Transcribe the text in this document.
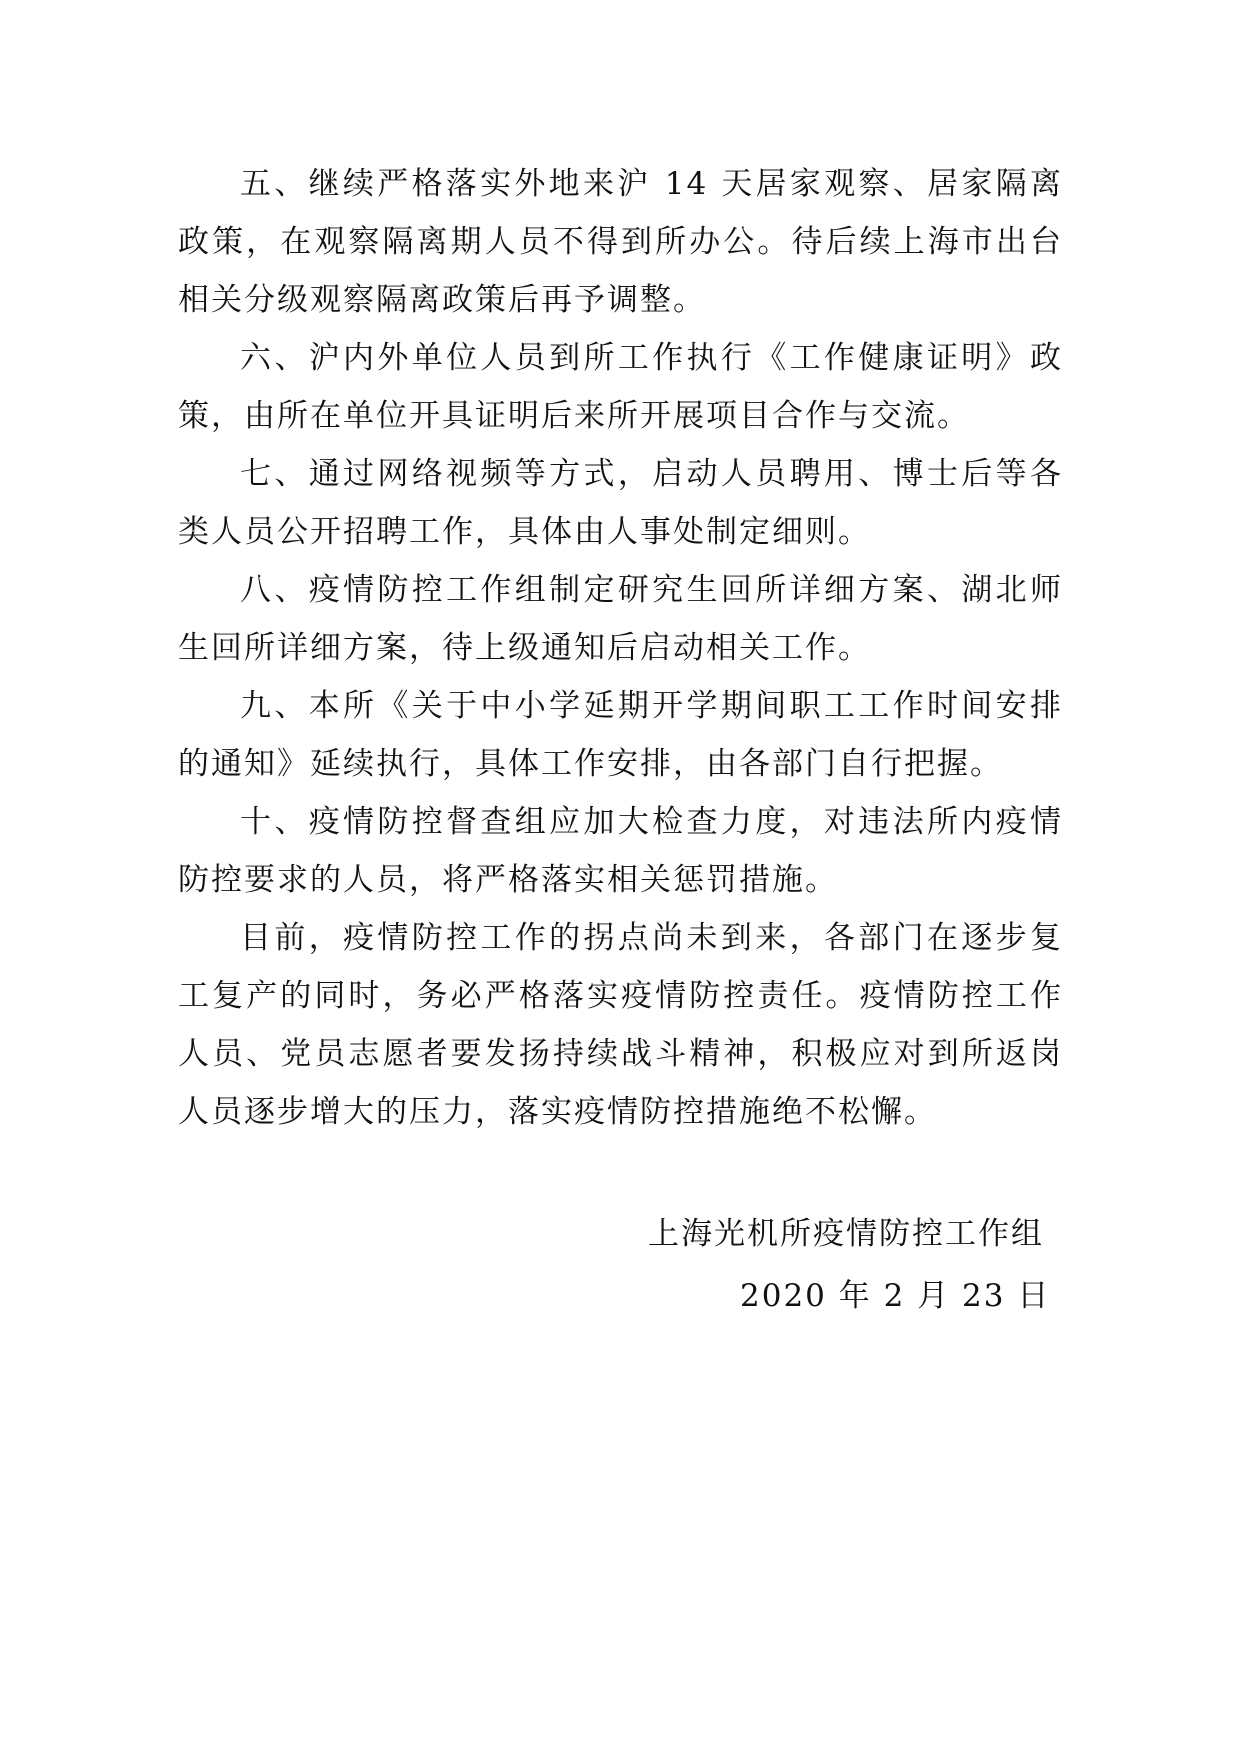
五、继续严格落实外地来沪 14 天居家观察、居家隔离政策，在观察隔离期人员不得到所办公。待后续上海市出台相关分级观察隔离政策后再予调整。

六、沪内外单位人员到所工作执行《工作健康证明》政策，由所在单位开具证明后来所开展项目合作与交流。

七、通过网络视频等方式，启动人员聘用、博士后等各类人员公开招聘工作，具体由人事处制定细则。

八、疫情防控工作组制定研究生回所详细方案、湖北师生回所详细方案，待上级通知后启动相关工作。

九、本所《关于中小学延期开学期间职工工作时间安排的通知》延续执行，具体工作安排，由各部门自行把握。

十、疫情防控督查组应加大检查力度，对违法所内疫情防控要求的人员，将严格落实相关惩罚措施。

目前，疫情防控工作的拐点尚未到来，各部门在逐步复工复产的同时，务必严格落实疫情防控责任。疫情防控工作人员、党员志愿者要发扬持续战斗精神，积极应对到所返岗人员逐步增大的压力，落实疫情防控措施绝不松懈。

上海光机所疫情防控工作组
2020 年 2 月 23 日
